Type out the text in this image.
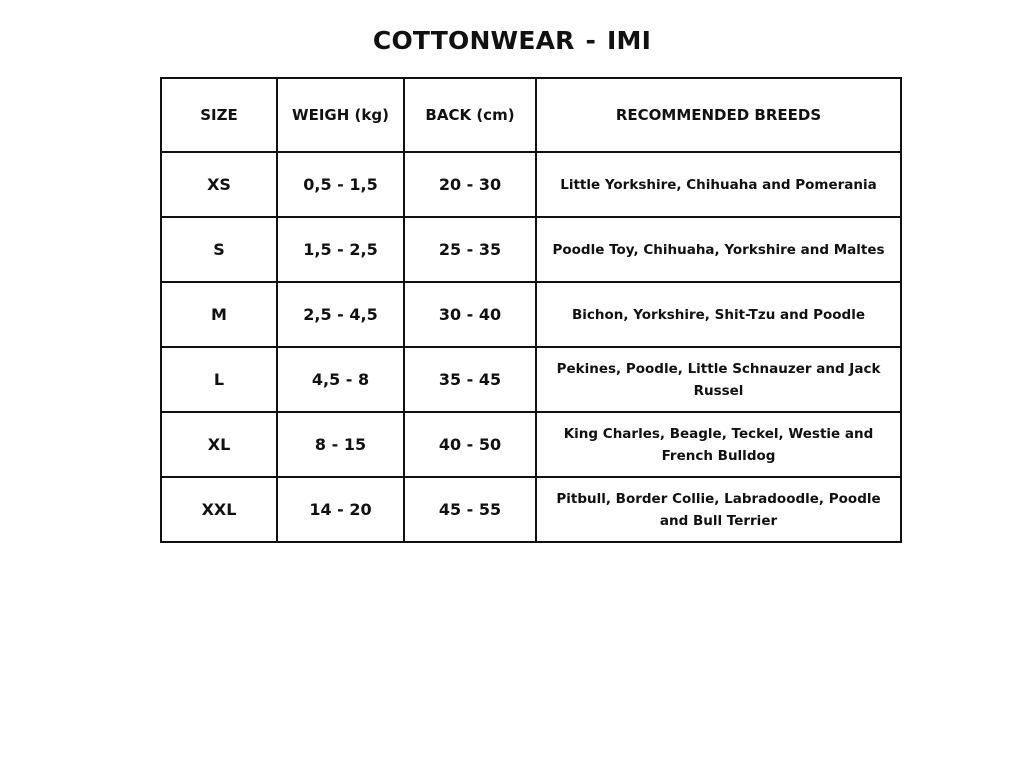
COTTONWEAR - IMI
SIZE	WEIGH (kg)	BACK (cm)	RECOMMENDED BREEDS
XS	0,5 - 1,5	20 - 30	Little Yorkshire, Chihuaha and Pomerania
S	1,5 - 2,5	25 - 35	Poodle Toy, Chihuaha, Yorkshire and Maltes
M	2,5 - 4,5	30 - 40	Bichon, Yorkshire, Shit-Tzu and Poodle
L	4,5 - 8	35 - 45	Pekines, Poodle, Little Schnauzer and Jack Russel
XL	8 - 15	40 - 50	King Charles, Beagle, Teckel, Westie and French Bulldog
XXL	14 - 20	45 - 55	Pitbull, Border Collie, Labradoodle, Poodle and Bull Terrier
